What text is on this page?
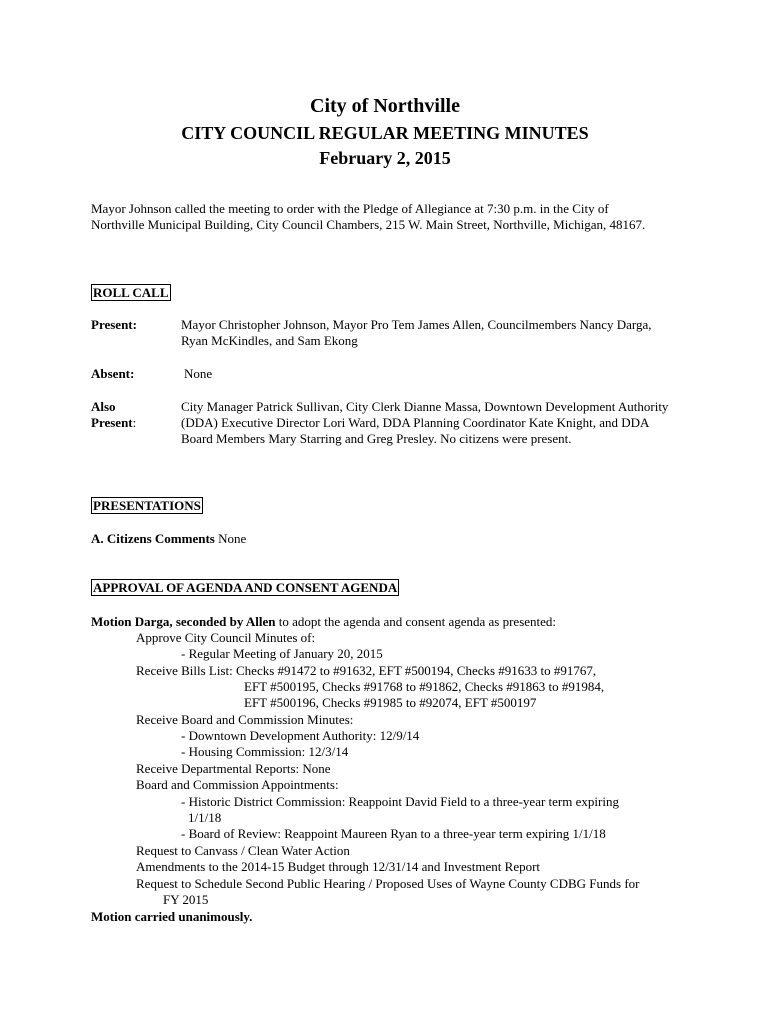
City of Northville
CITY COUNCIL REGULAR MEETING MINUTES
February 2, 2015
Mayor Johnson called the meeting to order with the Pledge of Allegiance at 7:30 p.m. in the City of Northville Municipal Building, City Council Chambers, 215 W. Main Street, Northville, Michigan, 48167.
ROLL CALL
Present:	Mayor Christopher Johnson, Mayor Pro Tem James Allen, Councilmembers Nancy Darga, Ryan McKindles, and Sam Ekong
Absent:	None
Also
Present:
City Manager Patrick Sullivan, City Clerk Dianne Massa, Downtown Development Authority (DDA) Executive Director Lori Ward, DDA Planning Coordinator Kate Knight, and DDA Board Members Mary Starring and Greg Presley. No citizens were present.
PRESENTATIONS
A. Citizens Comments None
APPROVAL OF AGENDA AND CONSENT AGENDA
Motion Darga, seconded by Allen to adopt the agenda and consent agenda as presented:
Approve City Council Minutes of:
- Regular Meeting of January 20, 2015
Receive Bills List: Checks #91472 to #91632, EFT #500194, Checks #91633 to #91767,
EFT #500195, Checks #91768 to #91862, Checks #91863 to #91984,
EFT #500196, Checks #91985 to #92074, EFT #500197
Receive Board and Commission Minutes:
- Downtown Development Authority: 12/9/14
- Housing Commission: 12/3/14
Receive Departmental Reports: None
Board and Commission Appointments:
- Historic District Commission: Reappoint David Field to a three-year term expiring
1/1/18
- Board of Review: Reappoint Maureen Ryan to a three-year term expiring 1/1/18
Request to Canvass / Clean Water Action
Amendments to the 2014-15 Budget through 12/31/14 and Investment Report
Request to Schedule Second Public Hearing / Proposed Uses of Wayne County CDBG Funds for
FY 2015
Motion carried unanimously.
